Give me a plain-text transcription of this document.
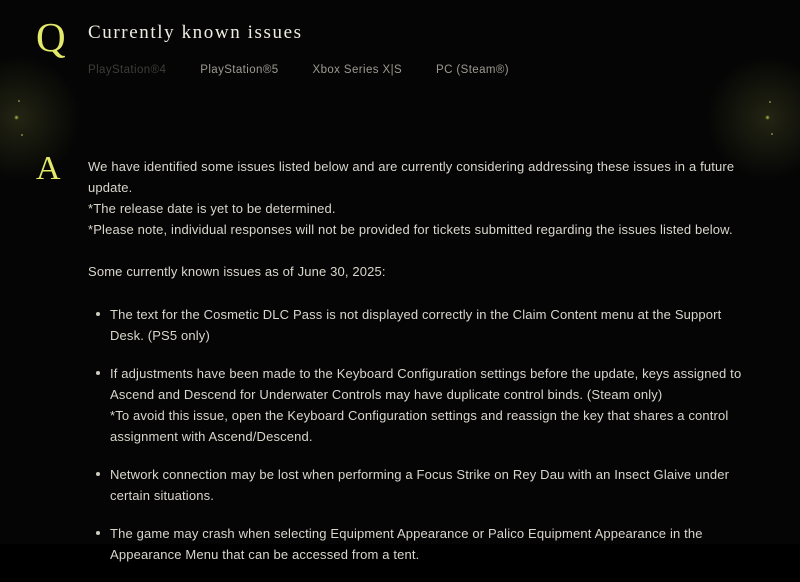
Q Currently known issues
PlayStation®4	PlayStation®5	Xbox Series X|S	PC (Steam®)
A We have identified some issues listed below and are currently considering addressing these issues in a future update.

*The release date is yet to be determined.

*Please note, individual responses will not be provided for tickets submitted regarding the issues listed below.

Some currently known issues as of June 30, 2025:

The text for the Cosmetic DLC Pass is not displayed correctly in the Claim Content menu at the Support Desk. (PS5 only)
If adjustments have been made to the Keyboard Configuration settings before the update, keys assigned to Ascend and Descend for Underwater Controls may have duplicate control binds. (Steam only)
*To avoid this issue, open the Keyboard Configuration settings and reassign the key that shares a control assignment with Ascend/Descend.
Network connection may be lost when performing a Focus Strike on Rey Dau with an Insect Glaive under certain situations.
The game may crash when selecting Equipment Appearance or Palico Equipment Appearance in the Appearance Menu that can be accessed from a tent.
